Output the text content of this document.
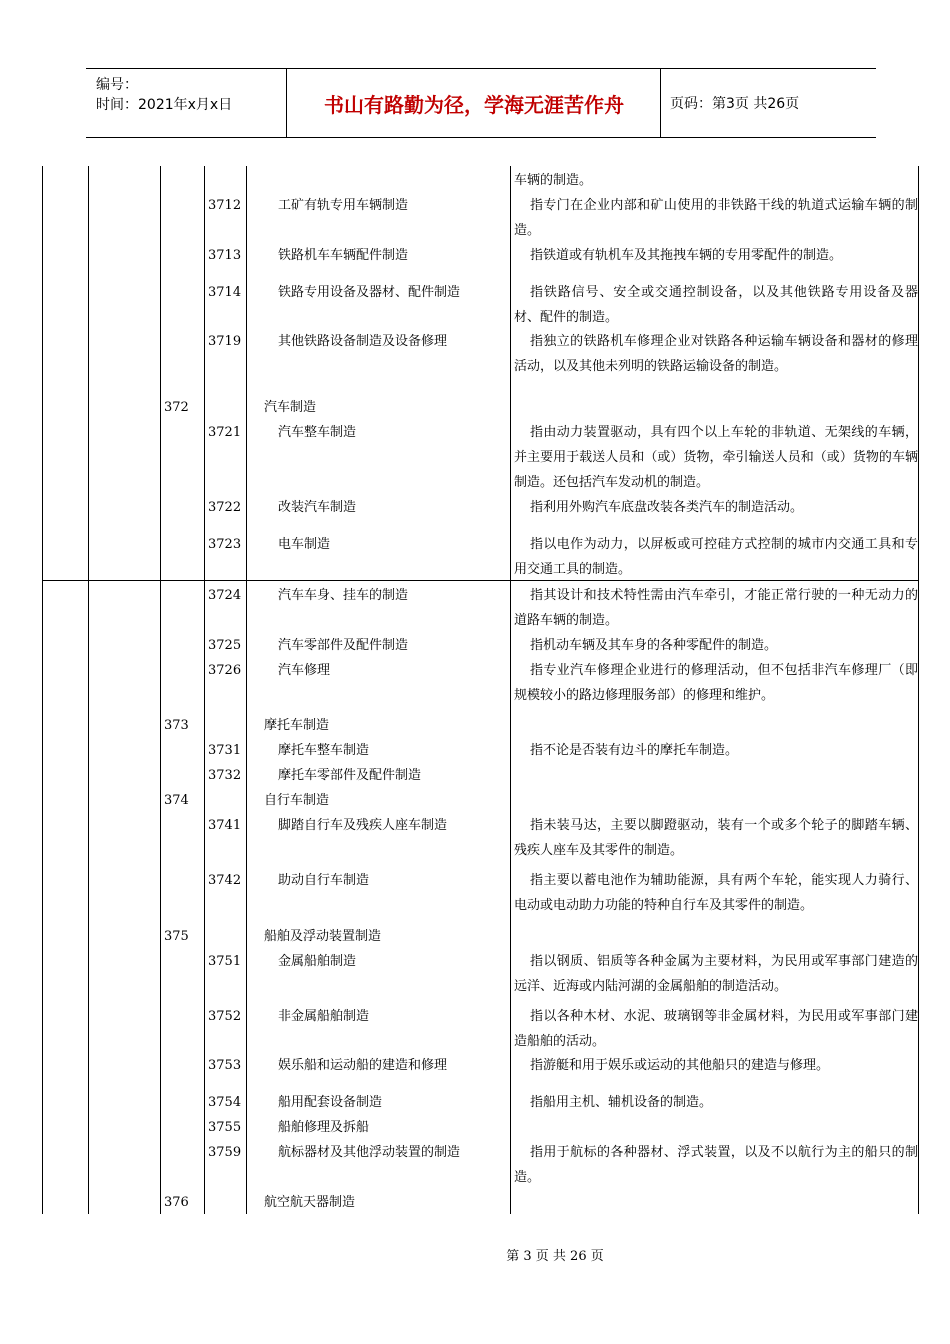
编号：
时间：2021年x月x日	书山有路勤为径，学海无涯苦作舟	页码：第3页 共26页
车辆的制造。
3712	工矿有轨专用车辆制造	指专门在企业内部和矿山使用的非铁路干线的轨道式运输车辆的制造。
3713	铁路机车车辆配件制造	指铁道或有轨机车及其拖拽车辆的专用零配件的制造。
3714	铁路专用设备及器材、配件制造	指铁路信号、安全或交通控制设备，以及其他铁路专用设备及器材、配件的制造。
3719	其他铁路设备制造及设备修理	指独立的铁路机车修理企业对铁路各种运输车辆设备和器材的修理活动，以及其他未列明的铁路运输设备的制造。
372	汽车制造
3721	汽车整车制造	指由动力装置驱动，具有四个以上车轮的非轨道、无架线的车辆，并主要用于载送人员和（或）货物，牵引输送人员和（或）货物的车辆制造。还包括汽车发动机的制造。
3722	改装汽车制造	指利用外购汽车底盘改装各类汽车的制造活动。
3723	电车制造	指以电作为动力，以屏板或可控硅方式控制的城市内交通工具和专用交通工具的制造。
3724	汽车车身、挂车的制造	指其设计和技术特性需由汽车牵引，才能正常行驶的一种无动力的道路车辆的制造。
3725	汽车零部件及配件制造	指机动车辆及其车身的各种零配件的制造。
3726	汽车修理	指专业汽车修理企业进行的修理活动，但不包括非汽车修理厂（即规模较小的路边修理服务部）的修理和维护。
373	摩托车制造
3731	摩托车整车制造	指不论是否装有边斗的摩托车制造。
3732	摩托车零部件及配件制造
374	自行车制造
3741	脚踏自行车及残疾人座车制造	指未装马达，主要以脚蹬驱动，装有一个或多个轮子的脚踏车辆、残疾人座车及其零件的制造。
3742	助动自行车制造	指主要以蓄电池作为辅助能源，具有两个车轮，能实现人力骑行、电动或电动助力功能的特种自行车及其零件的制造。
375	船舶及浮动装置制造
3751	金属船舶制造	指以钢质、铝质等各种金属为主要材料，为民用或军事部门建造的远洋、近海或内陆河湖的金属船舶的制造活动。
3752	非金属船舶制造	指以各种木材、水泥、玻璃钢等非金属材料，为民用或军事部门建造船舶的活动。
3753	娱乐船和运动船的建造和修理	指游艇和用于娱乐或运动的其他船只的建造与修理。
3754	船用配套设备制造	指船用主机、辅机设备的制造。
3755	船舶修理及拆船
3759	航标器材及其他浮动装置的制造	指用于航标的各种器材、浮式装置，以及不以航行为主的船只的制造。
376	航空航天器制造
第 3 页 共 26 页
